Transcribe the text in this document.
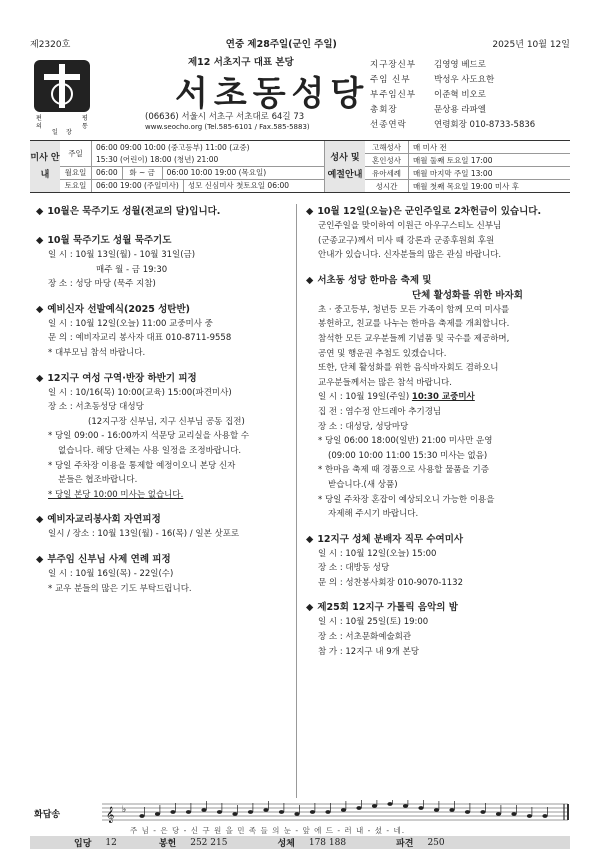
제2320호	연중 제28주일(군인 주일)	2025년 10월 12일
편	평
의	통
일 장
제12 서초지구 대표 본당
서초동성당
(06636) 서울시 서초구 서초대로 64길 73
www.seocho.org (Tel.585-6101 / Fax.585-5883)
지구장신부	김영영 베드로
주임 신부	박성우 사도요한
부주임신부	이준혁 비오로
총회장	문상용 라파엘
선종연락	연령회장 010-8733-5836
미사 안내
주일
06:00 09:00 10:00 (중고등부) 11:00 (교중)
15:30 (어린이) 18:00 (청년) 21:00
월요일	06:00	화 ~ 금	06:00 10:00 19:00 (목요일)
토요일	06:00 19:00 (주일미사)	성모 신심미사 첫토요일 06:00
성사 및 예절안내
고해성사	매 미사 전
혼인성사	매월 둘째 토요일 17:00
유아세례	매월 마지막 주일 13:00
성시간	매월 첫째 목요일 19:00 미사 후
◆ 10월은 묵주기도 성월(전교의 달)입니다.
◆ 10월 묵주기도 성월 묵주기도

일 시 : 10월 13일(월) - 10월 31일(금)

매주 월 - 금 19:30

장 소 : 성당 마당 (묵주 지참)

◆ 예비신자 선발예식(2025 성탄반)

일 시 : 10월 12일(오늘) 11:00 교중미사 중

문 의 : 예비자교리 봉사자 대표 010-8711-9558

* 대부모님 참석 바랍니다.

◆ 12지구 여성 구역·반장 하반기 피정

일 시 : 10/16(목) 10:00(교육) 15:00(파견미사)

장 소 : 서초동성당 대성당

(12지구장 신부님, 지구 신부님 공동 집전)

* 당일 09:00 - 16:00까지 석문당 교리실을 사용할 수

없습니다. 해당 단체는 사용 일정을 조정바랍니다.

* 당일 주차장 이용을 통제할 예정이오니 본당 신자

분들은 협조바랍니다.

* 당일 본당 10:00 미사는 없습니다.

◆ 예비자교리봉사회 자연피정

일시 / 장소 : 10월 13일(월) - 16(목) / 일본 삿포로

◆ 부주임 신부님 사제 연례 피정

일 시 : 10월 16일(목) - 22일(수)

* 교우 분들의 많은 기도 부탁드립니다.

◆ 10월 12일(오늘)은 군인주일로 2차헌금이 있습니다.

군인주일을 맞이하여 이원근 아우구스티노 신부님

(군종교구)께서 미사 때 강론과 군종후원회 후원

안내가 있습니다. 신자분들의 많은 관심 바랍니다.

◆ 서초동 성당 한마음 축제 및
단체 활성화를 위한 바자회

초 · 중고등부, 청년등 모든 가족이 함께 모여 미사를

봉헌하고, 친교를 나누는 한마음 축제를 개최합니다.

참석한 모든 교우분들께 기념품 및 국수를 제공하며,

공연 및 행운권 추첨도 있겠습니다.

또한, 단체 활성화를 위한 음식바자회도 겸하오니

교우분들께서는 많은 참석 바랍니다.

일 시 : 10월 19일(주일) 10:30 교중미사

집 전 : 염수정 안드레아 추기경님

장 소 : 대성당, 성당마당

* 당일 06:00 18:00(일반) 21:00 미사만 운영

(09:00 10:00 11:00 15:30 미사는 없음)

* 한마음 축제 때 경품으로 사용할 물품을 기증

받습니다.(새 상품)

* 당일 주차장 혼잡이 예상되오니 가능한 이용을

자제해 주시기 바랍니다.

◆ 12지구 성체 분배자 직무 수여미사

일 시 : 10월 12일(오늘) 15:00

장 소 : 대방동 성당

문 의 : 성찬봉사회장 010-9070-1132

◆ 제25회 12지구 가톨릭 음악의 밤

일 시 : 10월 25일(토) 19:00

장 소 : 서초문화예술회관

참 가 : 12지구 내 9개 본당

화답송	𝄞 ♭
주 님 - 은 당 - 신 구 원 을 민 족 들 의 눈 - 앞 에 드 - 러 내 - 셨 - 네.
입당 12	봉헌 252 215	성체 178 188	파견 250
